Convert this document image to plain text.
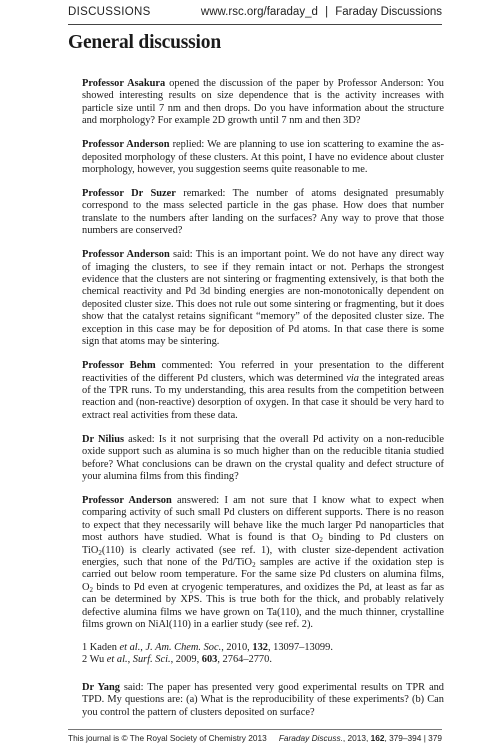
DISCUSSIONS	www.rsc.org/faraday_d | Faraday Discussions
General discussion

Professor Asakura opened the discussion of the paper by Professor Anderson: You showed interesting results on size dependence that is the activity increases with particle size until 7 nm and then drops. Do you have information about the structure and morphology? For example 2D growth until 7 nm and then 3D?

Professor Anderson replied: We are planning to use ion scattering to examine the as-deposited morphology of these clusters. At this point, I have no evidence about cluster morphology, however, you suggestion seems quite reasonable to me.

Professor Dr Suzer remarked: The number of atoms designated presumably correspond to the mass selected particle in the gas phase. How does that number translate to the numbers after landing on the surfaces? Any way to prove that those numbers are conserved?

Professor Anderson said: This is an important point. We do not have any direct way of imaging the clusters, to see if they remain intact or not. Perhaps the strongest evidence that the clusters are not sintering or fragmenting extensively, is that both the chemical reactivity and Pd 3d binding energies are non-monotonically dependent on deposited cluster size. This does not rule out some sintering or fragmenting, but it does show that the catalyst retains significant “memory” of the deposited cluster size. The exception in this case may be for deposition of Pd atoms. In that case there is some sign that atoms may be sintering.

Professor Behm commented: You referred in your presentation to the different reactivities of the different Pd clusters, which was determined via the integrated areas of the TPR runs. To my understanding, this area results from the competition between reaction and (non-reactive) desorption of oxygen. In that case it should be very hard to extract real activities from these data.

Dr Nilius asked: Is it not surprising that the overall Pd activity on a non-reducible oxide support such as alumina is so much higher than on the reducible titania studied before? What conclusions can be drawn on the crystal quality and defect structure of your alumina films from this finding?

Professor Anderson answered: I am not sure that I know what to expect when comparing activity of such small Pd clusters on different supports. There is no reason to expect that they necessarily will behave like the much larger Pd nanoparticles that most authors have studied. What is found is that $O_2$ binding to Pd clusters on TiO$_2$(110) is clearly activated (see ref. 1), with cluster size-dependent activation energies, such that none of the Pd/TiO$_2$ samples are active if the oxidation step is carried out below room temperature. For the same size Pd clusters on alumina films, $O_2$ binds to Pd even at cryogenic temperatures, and oxidizes the Pd, at least as far as can be determined by XPS. This is true both for the thick, and probably relatively defective alumina films we have grown on Ta(110), and the much thinner, crystalline films grown on NiAl(110) in a earlier study (see ref. 2).

1 Kaden et al., J. Am. Chem. Soc., 2010, 132, 13097–13099.
2 Wu et al., Surf. Sci., 2009, 603, 2764–2770.

Dr Yang said: The paper has presented very good experimental results on TPR and TPD. My questions are: (a) What is the reproducibility of these experiments? (b) Can you control the pattern of clusters deposited on surface?

This journal is © The Royal Society of Chemistry 2013 Faraday Discuss., 2013, 162, 379–394 | 379
